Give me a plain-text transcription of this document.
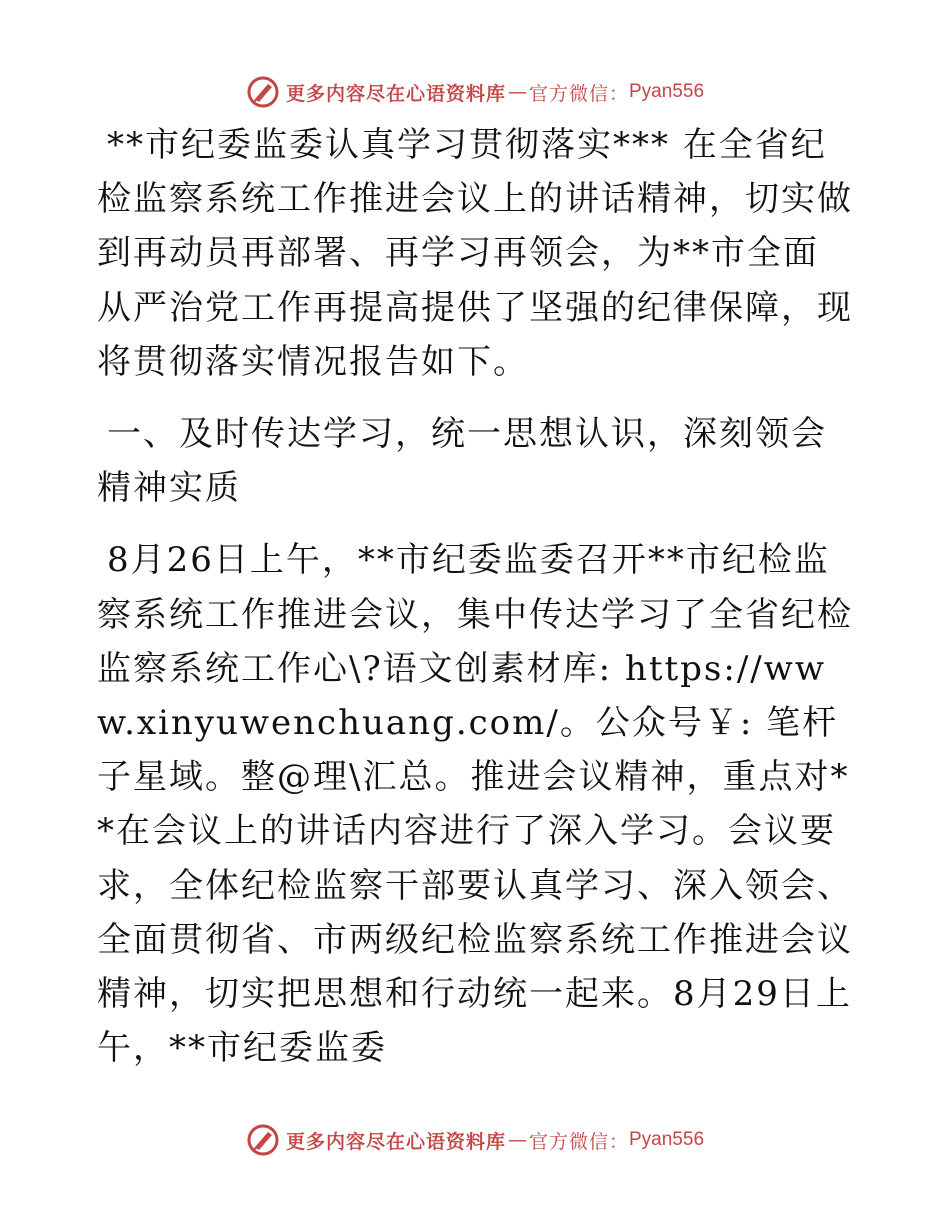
更多内容尽在心语资料库 — 官方微信： Pyan556

**市纪委监委认真学习贯彻落实*** 在全省纪检监察系统工作推进会议上的讲话精神，切实做到再动员再部署、再学习再领会，为**市全面从严治党工作再提高提供了坚强的纪律保障，现将贯彻落实情况报告如下。

一、及时传达学习，统一思想认识，深刻领会精神实质

8月26日上午，**市纪委监委召开**市纪检监察系统工作推进会议，集中传达学习了全省纪检监察系统工作心\?语文创素材库: https://www.xinyuwenchuang.com/。公众号￥: 笔杆子星域。整@理\汇总。推进会议精神，重点对**在会议上的讲话内容进行了深入学习。会议要求，全体纪检监察干部要认真学习、深入领会、全面贯彻省、市两级纪检监察系统工作推进会议精神，切实把思想和行动统一起来。8月29日上午，**市纪委监委

更多内容尽在心语资料库 — 官方微信： Pyan556
